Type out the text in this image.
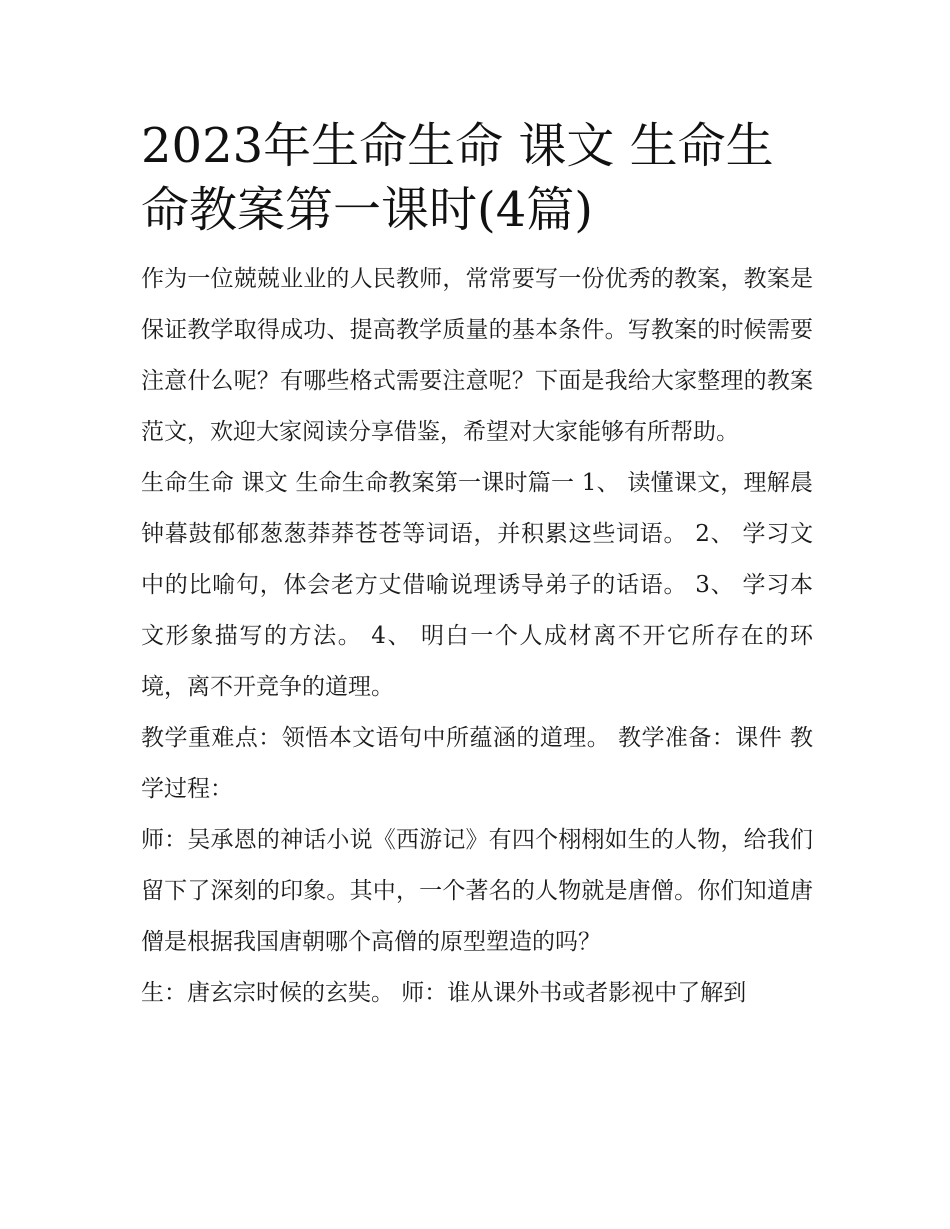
2023年生命生命 课文 生命生
命教案第一课时(4篇)

作为一位兢兢业业的人民教师，常常要写一份优秀的教案，教案是保证教学取得成功、提高教学质量的基本条件。写教案的时候需要注意什么呢？有哪些格式需要注意呢？下面是我给大家整理的教案范文，欢迎大家阅读分享借鉴，希望对大家能够有所帮助。

生命生命 课文 生命生命教案第一课时篇一 1、 读懂课文，理解晨钟暮鼓郁郁葱葱莽莽苍苍等词语，并积累这些词语。 2、 学习文中的比喻句，体会老方丈借喻说理诱导弟子的话语。 3、 学习本文形象描写的方法。 4、 明白一个人成材离不开它所存在的环境，离不开竞争的道理。

教学重难点：领悟本文语句中所蕴涵的道理。 教学准备：课件 教学过程：

师：吴承恩的神话小说《西游记》有四个栩栩如生的人物，给我们留下了深刻的印象。其中，一个著名的人物就是唐僧。你们知道唐僧是根据我国唐朝哪个高僧的原型塑造的吗？

生：唐玄宗时候的玄奘。 师：谁从课外书或者影视中了解到
